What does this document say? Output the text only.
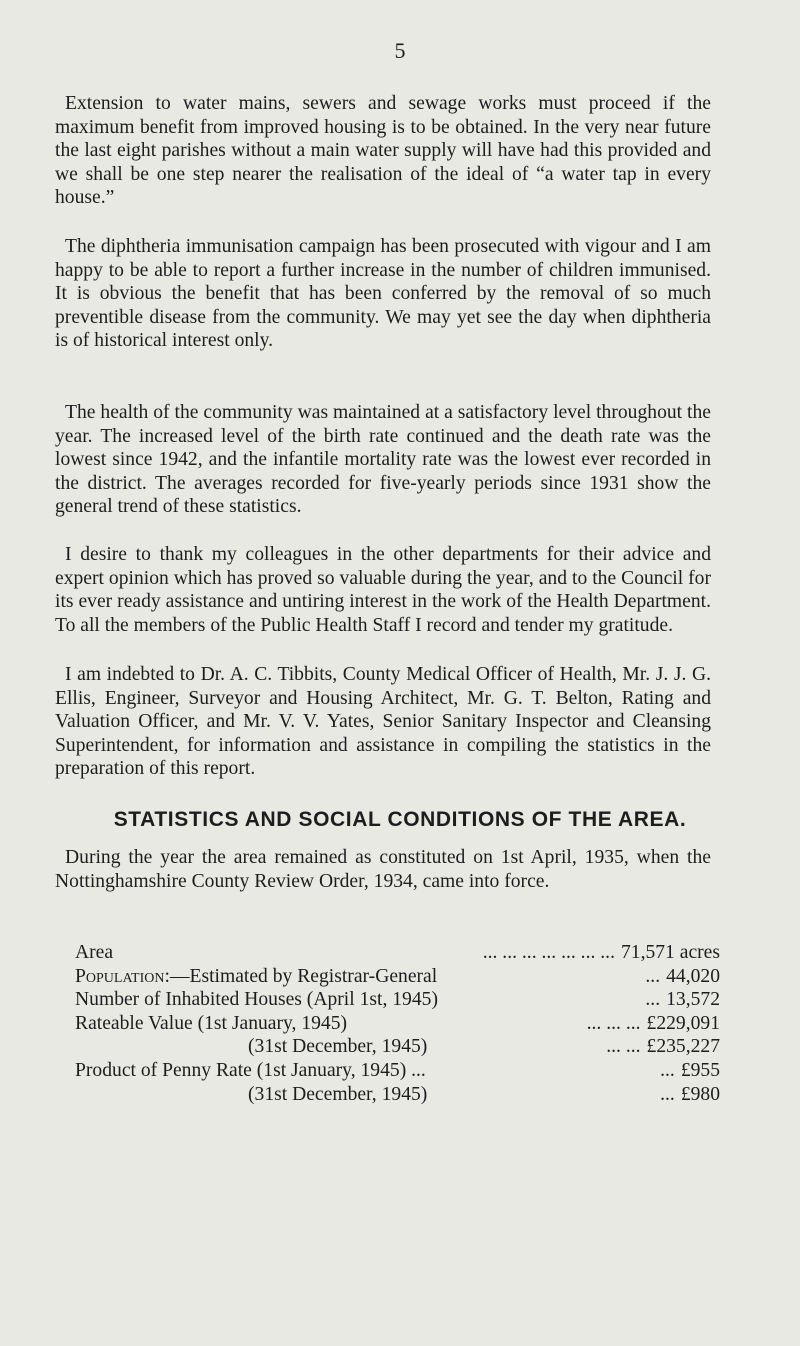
5

Extension to water mains, sewers and sewage works must proceed if the maximum benefit from improved housing is to be obtained. In the very near future the last eight parishes without a main water supply will have had this provided and we shall be one step nearer the realisation of the ideal of “a water tap in every house.”

The diphtheria immunisation campaign has been prosecuted with vigour and I am happy to be able to report a further increase in the number of children immunised. It is obvious the benefit that has been conferred by the removal of so much preventible disease from the community. We may yet see the day when diphtheria is of historical interest only.

The health of the community was maintained at a satisfactory level throughout the year. The increased level of the birth rate continued and the death rate was the lowest since 1942, and the infantile mortality rate was the lowest ever recorded in the district. The averages recorded for five-yearly periods since 1931 show the general trend of these statistics.

I desire to thank my colleagues in the other departments for their advice and expert opinion which has proved so valuable during the year, and to the Council for its ever ready assistance and untiring interest in the work of the Health Department. To all the members of the Public Health Staff I record and tender my gratitude.

I am indebted to Dr. A. C. Tibbits, County Medical Officer of Health, Mr. J. J. G. Ellis, Engineer, Surveyor and Housing Architect, Mr. G. T. Belton, Rating and Valuation Officer, and Mr. V. V. Yates, Senior Sanitary Inspector and Cleansing Superintendent, for information and assistance in compiling the statistics in the preparation of this report.

STATISTICS AND SOCIAL CONDITIONS OF THE AREA.

During the year the area remained as constituted on 1st April, 1935, when the Nottinghamshire County Review Order, 1934, came into force.

Area	... ... ... ... ... ... ... 71,571 acres
Population:—Estimated by Registrar-General	... 44,020
Number of Inhabited Houses (April 1st, 1945)	... 13,572
Rateable Value (1st January, 1945)	... ... ... £229,091
(31st December, 1945)	... ... £235,227
Product of Penny Rate (1st January, 1945) ...	... £955
(31st December, 1945)	... £980
